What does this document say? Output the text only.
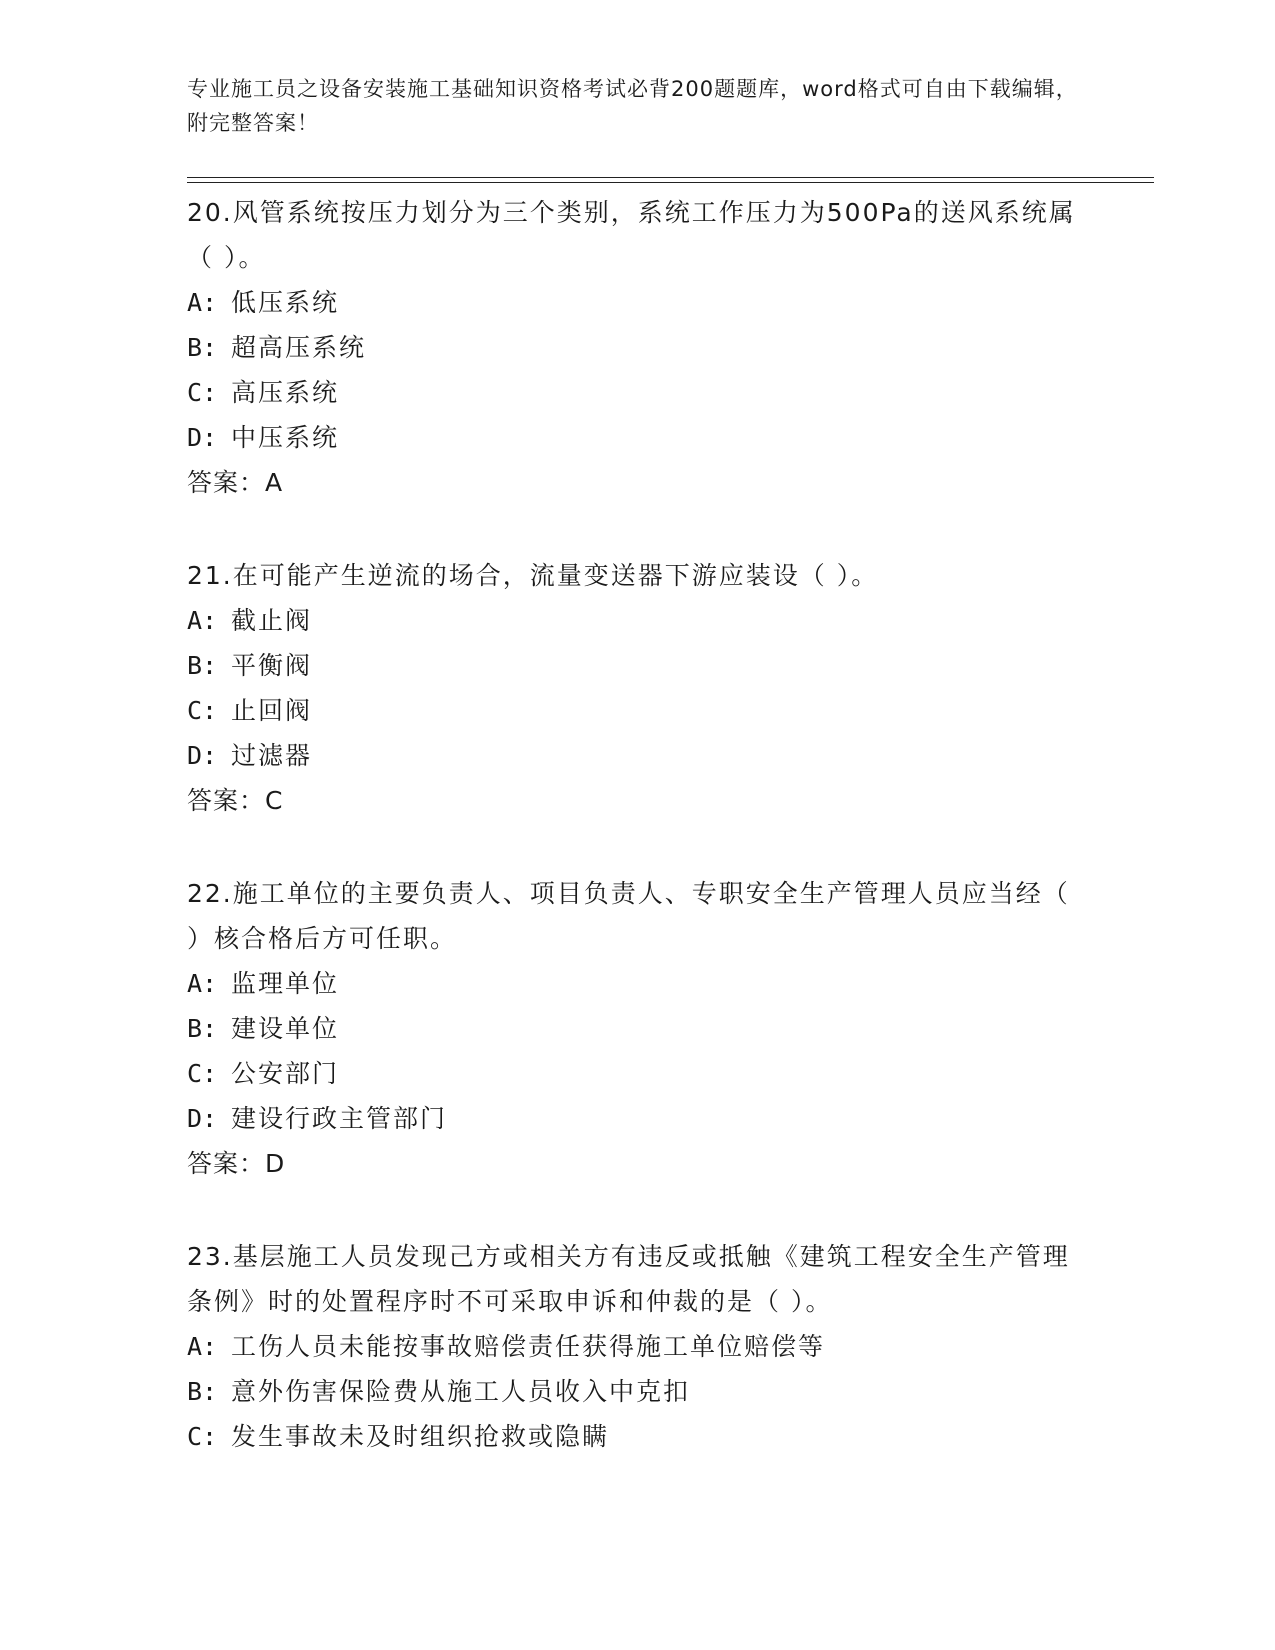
专业施工员之设备安装施工基础知识资格考试必背200题题库，word格式可自由下载编辑，附完整答案！
20.风管系统按压力划分为三个类别，系统工作压力为500Pa的送风系统属（ ）。
A: 低压系统
B: 超高压系统
C: 高压系统
D: 中压系统
答案：A
21.在可能产生逆流的场合，流量变送器下游应装设（ ）。
A: 截止阀
B: 平衡阀
C: 止回阀
D: 过滤器
答案：C
22.施工单位的主要负责人、项目负责人、专职安全生产管理人员应当经（ ）核合格后方可任职。
A: 监理单位
B: 建设单位
C: 公安部门
D: 建设行政主管部门
答案：D
23.基层施工人员发现己方或相关方有违反或抵触《建筑工程安全生产管理条例》时的处置程序时不可采取申诉和仲裁的是（ ）。
A: 工伤人员未能按事故赔偿责任获得施工单位赔偿等
B: 意外伤害保险费从施工人员收入中克扣
C: 发生事故未及时组织抢救或隐瞒
